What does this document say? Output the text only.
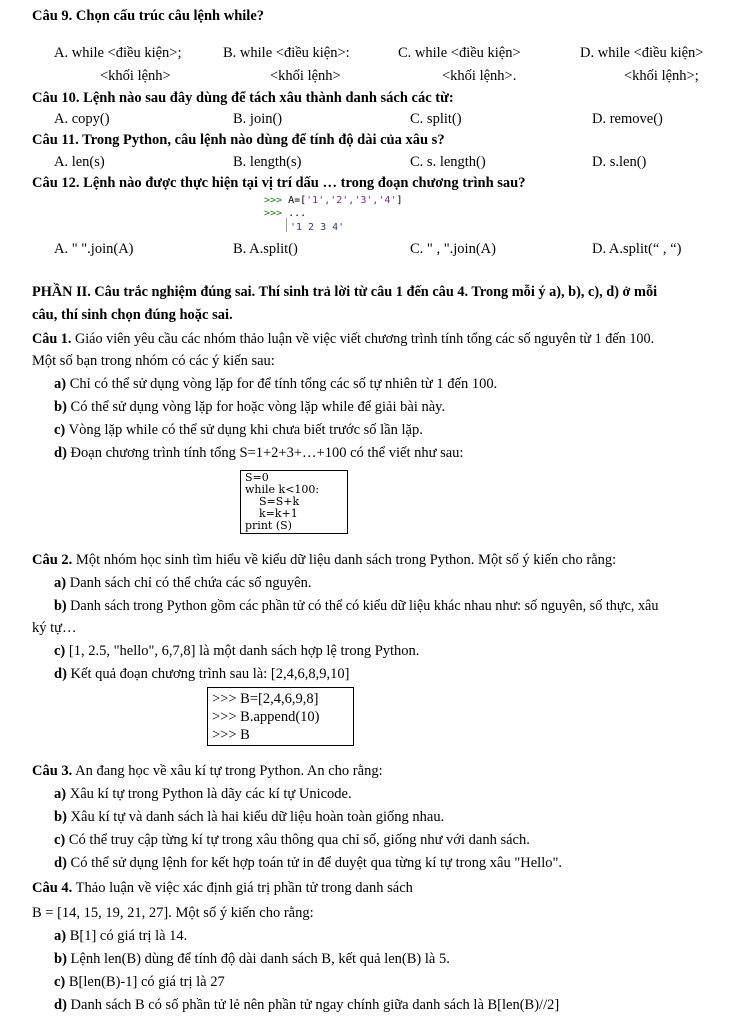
Câu 9. Chọn cấu trúc câu lệnh while?
A. while <điều kiện>;	B. while <điều kiện>:	C. while <điều kiện>	D. while <điều kiện>
<khối lệnh>	<khối lệnh>	<khối lệnh>.	<khối lệnh>;
Câu 10. Lệnh nào sau đây dùng để tách xâu thành danh sách các từ:
A. copy()	B. join()	C. split()	D. remove()
Câu 11. Trong Python, câu lệnh nào dùng để tính độ dài của xâu s?
A. len(s)	B. length(s)	C. s. length()	D. s.len()
Câu 12. Lệnh nào được thực hiện tại vị trí dấu … trong đoạn chương trình sau?
>>> A=['1','2','3','4']
>>> ...
'1 2 3 4'
A. " ".join(A)	B. A.split()	C. " , ".join(A)	D. A.split(“ , “)
PHẦN II. Câu trắc nghiệm đúng sai. Thí sinh trả lời từ câu 1 đến câu 4. Trong mỗi ý a), b), c), d) ở mỗi
câu, thí sinh chọn đúng hoặc sai.
Câu 1. Giáo viên yêu cầu các nhóm thảo luận về việc viết chương trình tính tổng các số nguyên từ 1 đến 100.
Một số bạn trong nhóm có các ý kiến sau:
a) Chỉ có thể sử dụng vòng lặp for để tính tổng các số tự nhiên từ 1 đến 100.
b) Có thể sử dụng vòng lặp for hoặc vòng lặp while để giải bài này.
c) Vòng lặp while có thể sử dụng khi chưa biết trước số lần lặp.
d) Đoạn chương trình tính tổng S=1+2+3+…+100 có thể viết như sau:
S=0
while k<100:
S=S+k
k=k+1
print (S)
Câu 2. Một nhóm học sinh tìm hiểu về kiểu dữ liệu danh sách trong Python. Một số ý kiến cho rằng:
a) Danh sách chỉ có thể chứa các số nguyên.
b) Danh sách trong Python gồm các phần tử có thể có kiểu dữ liệu khác nhau như: số nguyên, số thực, xâu
ký tự…
c) [1, 2.5, "hello", 6,7,8] là một danh sách hợp lệ trong Python.
d) Kết quả đoạn chương trình sau là: [2,4,6,8,9,10]
>>> B=[2,4,6,9,8]
>>> B.append(10)
>>> B
Câu 3. An đang học về xâu kí tự trong Python. An cho rằng:
a) Xâu kí tự trong Python là dãy các kí tự Unicode.
b) Xâu kí tự và danh sách là hai kiểu dữ liệu hoàn toàn giống nhau.
c) Có thể truy cập từng kí tự trong xâu thông qua chỉ số, giống như với danh sách.
d) Có thể sử dụng lệnh for kết hợp toán tử in để duyệt qua từng kí tự trong xâu "Hello".
Câu 4. Thảo luận về việc xác định giá trị phần tử trong danh sách
B = [14, 15, 19, 21, 27]. Một số ý kiến cho rằng:
a) B[1] có giá trị là 14.
b) Lệnh len(B) dùng để tính độ dài danh sách B, kết quả len(B) là 5.
c) B[len(B)-1] có giá trị là 27
d) Danh sách B có số phần tử lẻ nên phần tử ngay chính giữa danh sách là B[len(B)//2]
